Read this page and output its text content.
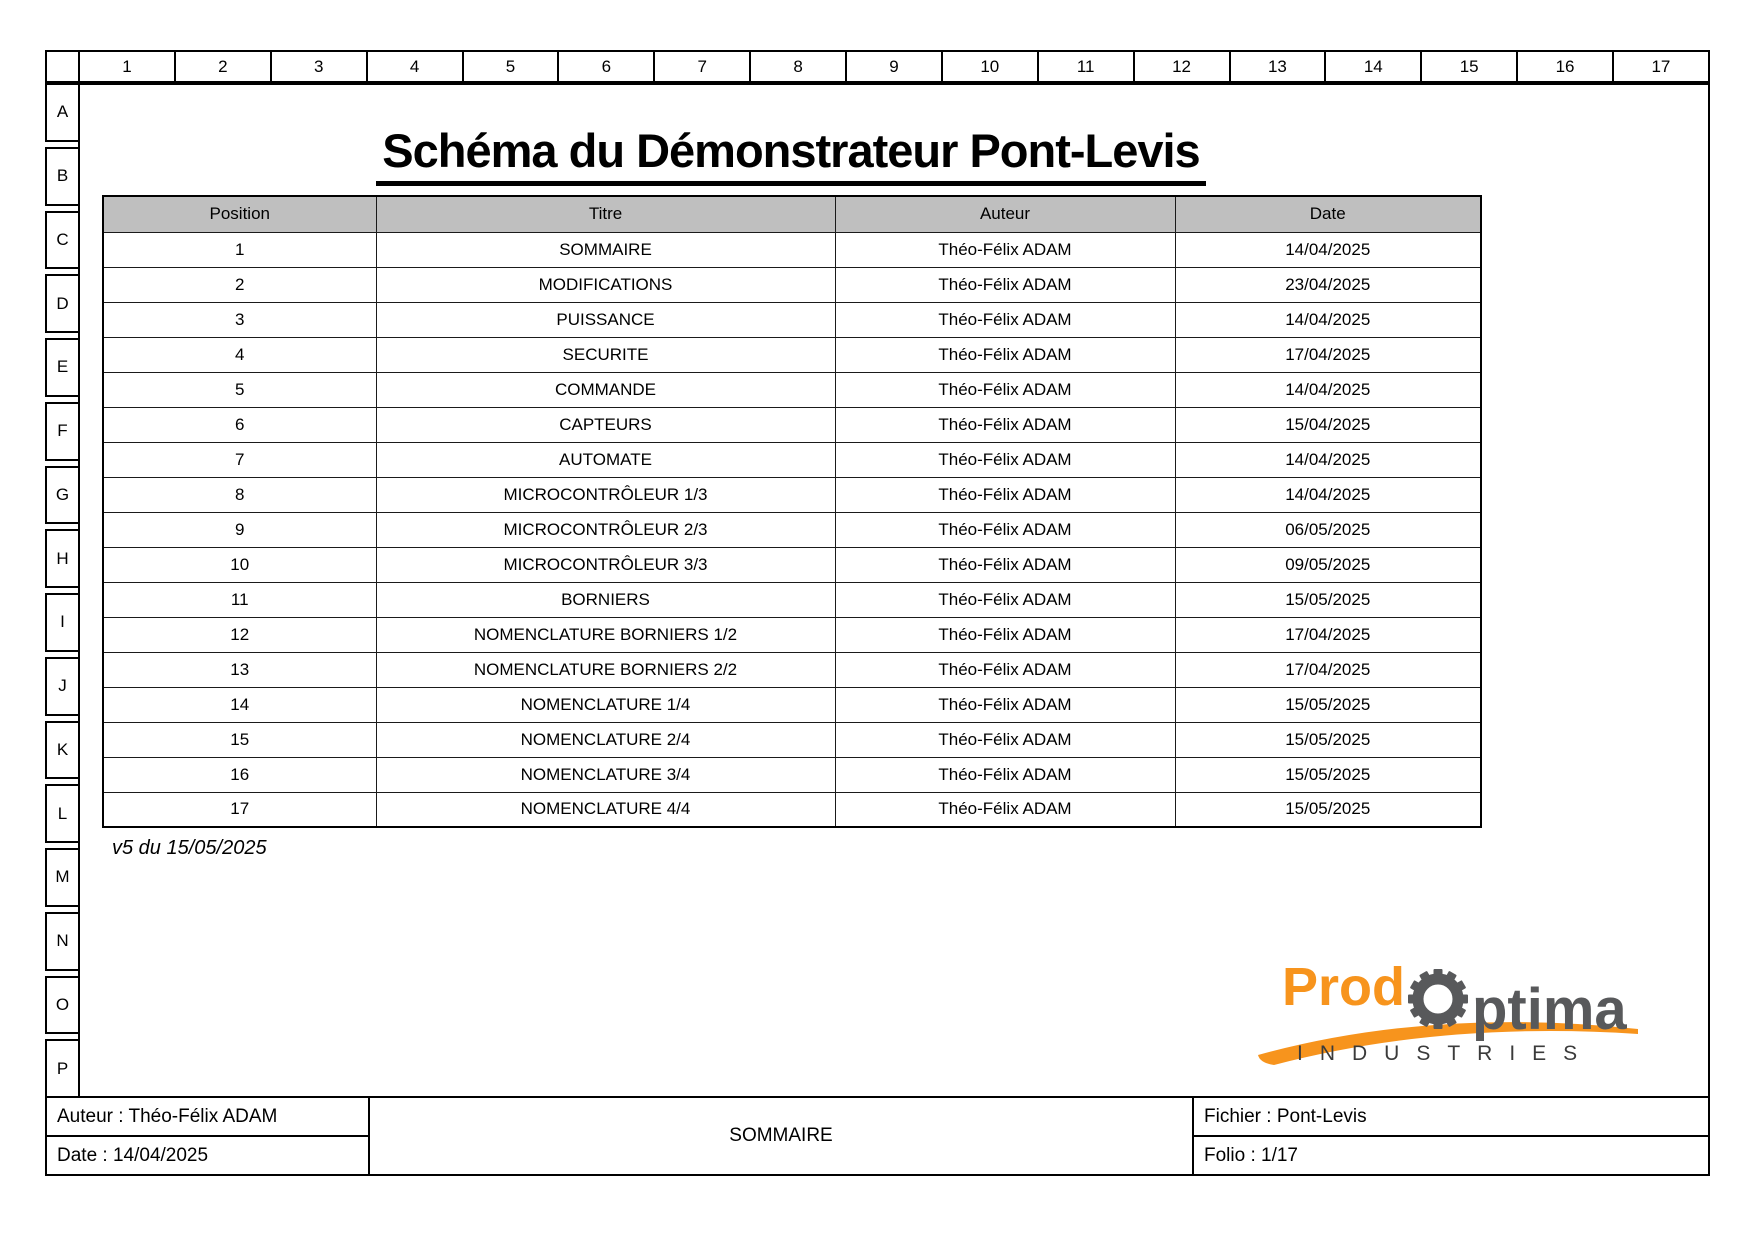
1	2	3	4	5	6	7	8	9	10	11	12	13	14	15	16	17
A
B
C
D
E
F
G
H
I
J
K
L
M
N
O
P
Schéma du Démonstrateur Pont-Levis
Position	Titre	Auteur	Date
1	SOMMAIRE	Théo-Félix ADAM	14/04/2025
2	MODIFICATIONS	Théo-Félix ADAM	23/04/2025
3	PUISSANCE	Théo-Félix ADAM	14/04/2025
4	SECURITE	Théo-Félix ADAM	17/04/2025
5	COMMANDE	Théo-Félix ADAM	14/04/2025
6	CAPTEURS	Théo-Félix ADAM	15/04/2025
7	AUTOMATE	Théo-Félix ADAM	14/04/2025
8	MICROCONTRÔLEUR 1/3	Théo-Félix ADAM	14/04/2025
9	MICROCONTRÔLEUR 2/3	Théo-Félix ADAM	06/05/2025
10	MICROCONTRÔLEUR 3/3	Théo-Félix ADAM	09/05/2025
11	BORNIERS	Théo-Félix ADAM	15/05/2025
12	NOMENCLATURE BORNIERS 1/2	Théo-Félix ADAM	17/04/2025
13	NOMENCLATURE BORNIERS 2/2	Théo-Félix ADAM	17/04/2025
14	NOMENCLATURE 1/4	Théo-Félix ADAM	15/05/2025
15	NOMENCLATURE 2/4	Théo-Félix ADAM	15/05/2025
16	NOMENCLATURE 3/4	Théo-Félix ADAM	15/05/2025
17	NOMENCLATURE 4/4	Théo-Félix ADAM	15/05/2025
v5 du 15/05/2025
Prod ptima
INDUSTRIES
Auteur : Théo-Félix ADAM
Date : 14/04/2025
SOMMAIRE
Fichier : Pont-Levis
Folio : 1/17
